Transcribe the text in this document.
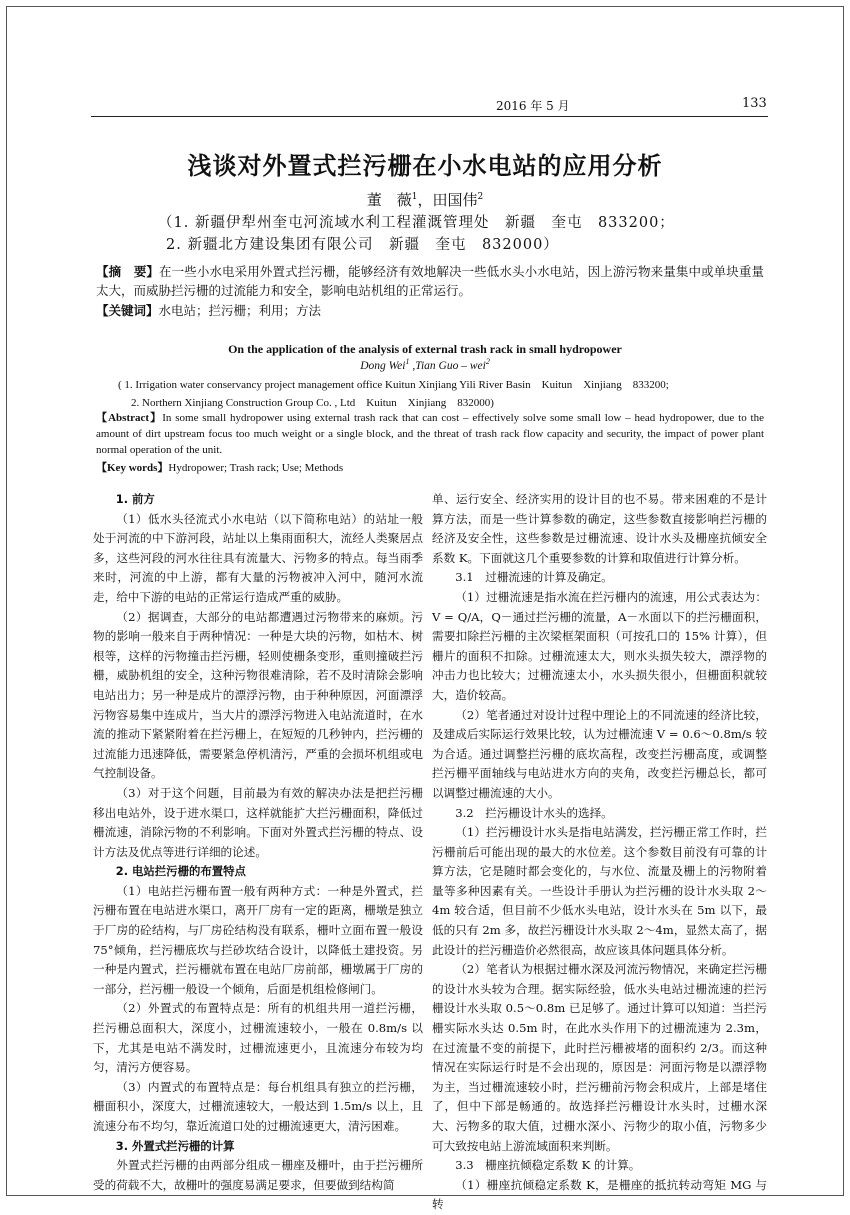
2016 年 5 月	133
浅谈对外置式拦污栅在小水电站的应用分析
董　薇$^1$，田国伟$^2$
（1. 新疆伊犁州奎屯河流域水利工程灌溉管理处　新疆　奎屯　833200；
2. 新疆北方建设集团有限公司　新疆　奎屯　832000）
【摘　要】在一些小水电采用外置式拦污栅，能够经济有效地解决一些低水头小水电站，因上游污物来量集中或单块重量太大，而威胁拦污栅的过流能力和安全，影响电站机组的正常运行。
【关键词】水电站；拦污栅；利用；方法
On the application of the analysis of external trash rack in small hydropower
Dong Wei$^1$ ,Tian Guo – wei$^2$
( 1. Irrigation water conservancy project management office Kuitun Xinjiang Yili River Basin　Kuitun　Xinjiang　833200;
2. Northern Xinjiang Construction Group Co. , Ltd　Kuitun　Xinjiang　832000)
【Abstract】In some small hydropower using external trash rack that can cost – effectively solve some small low – head hydropower, due to the amount of dirt upstream focus too much weight or a single block, and the threat of trash rack flow capacity and security, the impact of power plant normal operation of the unit.
【Key words】Hydropower; Trash rack; Use; Methods

1. 前方

（1）低水头径流式小水电站（以下简称电站）的站址一般处于河流的中下游河段，站址以上集雨面积大，流经人类聚居点多，这些河段的河水往往具有流量大、污物多的特点。每当雨季来时，河流的中上游，都有大量的污物被冲入河中，随河水流走，给中下游的电站的正常运行造成严重的威胁。

（2）据调查，大部分的电站都遭遇过污物带来的麻烦。污物的影响一般来自于两种情况：一种是大块的污物，如枯木、树根等，这样的污物撞击拦污栅，轻则使栅条变形，重则撞破拦污栅，威胁机组的安全，这种污物很难清除，若不及时清除会影响电站出力；另一种是成片的漂浮污物，由于种种原因，河面漂浮污物容易集中连成片，当大片的漂浮污物进入电站流道时，在水流的推动下紧紧附着在拦污栅上，在短短的几秒钟内，拦污栅的过流能力迅速降低，需要紧急停机清污，严重的会损坏机组或电气控制设备。

（3）对于这个问题，目前最为有效的解决办法是把拦污栅移出电站外，设于进水渠口，这样就能扩大拦污栅面积，降低过栅流速，消除污物的不利影响。下面对外置式拦污栅的特点、设计方法及优点等进行详细的论述。

2. 电站拦污栅的布置特点

（1）电站拦污栅布置一般有两种方式：一种是外置式，拦污栅布置在电站进水渠口，离开厂房有一定的距离，栅墩是独立于厂房的砼结构，与厂房砼结构没有联系，栅叶立面布置一般设75°倾角，拦污栅底坎与拦砂坎结合设计，以降低土建投资。另一种是内置式，拦污栅就布置在电站厂房前部，栅墩属于厂房的一部分，拦污栅一般设一个倾角，后面是机组检修闸门。

（2）外置式的布置特点是：所有的机组共用一道拦污栅，拦污栅总面积大，深度小，过栅流速较小，一般在 0.8m/s 以下，尤其是电站不满发时，过栅流速更小，且流速分布较为均匀，清污方便容易。

（3）内置式的布置特点是：每台机组具有独立的拦污栅，栅面积小，深度大，过栅流速较大，一般达到 1.5m/s 以上，且流速分布不均匀，靠近流道口处的过栅流速更大，清污困难。

3. 外置式拦污栅的计算

外置式拦污栅的由两部分组成－栅座及栅叶，由于拦污栅所受的荷载不大，故栅叶的强度易满足要求，但要做到结构简

单、运行安全、经济实用的设计目的也不易。带来困难的不是计算方法，而是一些计算参数的确定，这些参数直接影响拦污栅的经济及安全性，这些参数是过栅流速、设计水头及栅座抗倾安全系数 K。下面就这几个重要参数的计算和取值进行计算分析。

3.1　过栅流速的计算及确定。

（1）过栅流速是指水流在拦污栅内的流速，用公式表达为：V = Q/A，Q－通过拦污栅的流量，A－水面以下的拦污栅面积，需要扣除拦污栅的主次梁框架面积（可按孔口的 15% 计算），但栅片的面积不扣除。过栅流速太大，则水头损失较大，漂浮物的冲击力也比较大；过栅流速太小，水头损失很小，但栅面积就较大，造价较高。

（2）笔者通过对设计过程中理论上的不同流速的经济比较，及建成后实际运行效果比较，认为过栅流速 V = 0.6～0.8m/s 较为合适。通过调整拦污栅的底坎高程，改变拦污栅高度，或调整拦污栅平面轴线与电站进水方向的夹角，改变拦污栅总长，都可以调整过栅流速的大小。

3.2　拦污栅设计水头的选择。

（1）拦污栅设计水头是指电站满发，拦污栅正常工作时，拦污栅前后可能出现的最大的水位差。这个参数目前没有可靠的计算方法，它是随时都会变化的，与水位、流量及栅上的污物附着量等多种因素有关。一些设计手册认为拦污栅的设计水头取 2～4m 较合适，但目前不少低水头电站，设计水头在 5m 以下，最低的只有 2m 多，故拦污栅设计水头取 2～4m，显然太高了，据此设计的拦污栅造价必然很高，故应该具体问题具体分析。

（2）笔者认为根据过栅水深及河流污物情况，来确定拦污栅的设计水头较为合理。据实际经验，低水头电站过栅流速的拦污栅设计水头取 0.5～0.8m 已足够了。通过计算可以知道：当拦污栅实际水头达 0.5m 时，在此水头作用下的过栅流速为 2.3m，在过流量不变的前提下，此时拦污栅被堵的面积约 2/3。而这种情况在实际运行时是不会出现的，原因是：河面污物是以漂浮物为主，当过栅流速较小时，拦污栅前污物会积成片，上部是堵住了，但中下部是畅通的。故选择拦污栅设计水头时，过栅水深大、污物多的取大值，过栅水深小、污物少的取小值，污物多少可大致按电站上游流域面积来判断。

3.3　栅座抗倾稳定系数 K 的计算。

（1）栅座抗倾稳定系数 K，是栅座的抵抗转动弯矩 MG 与转
